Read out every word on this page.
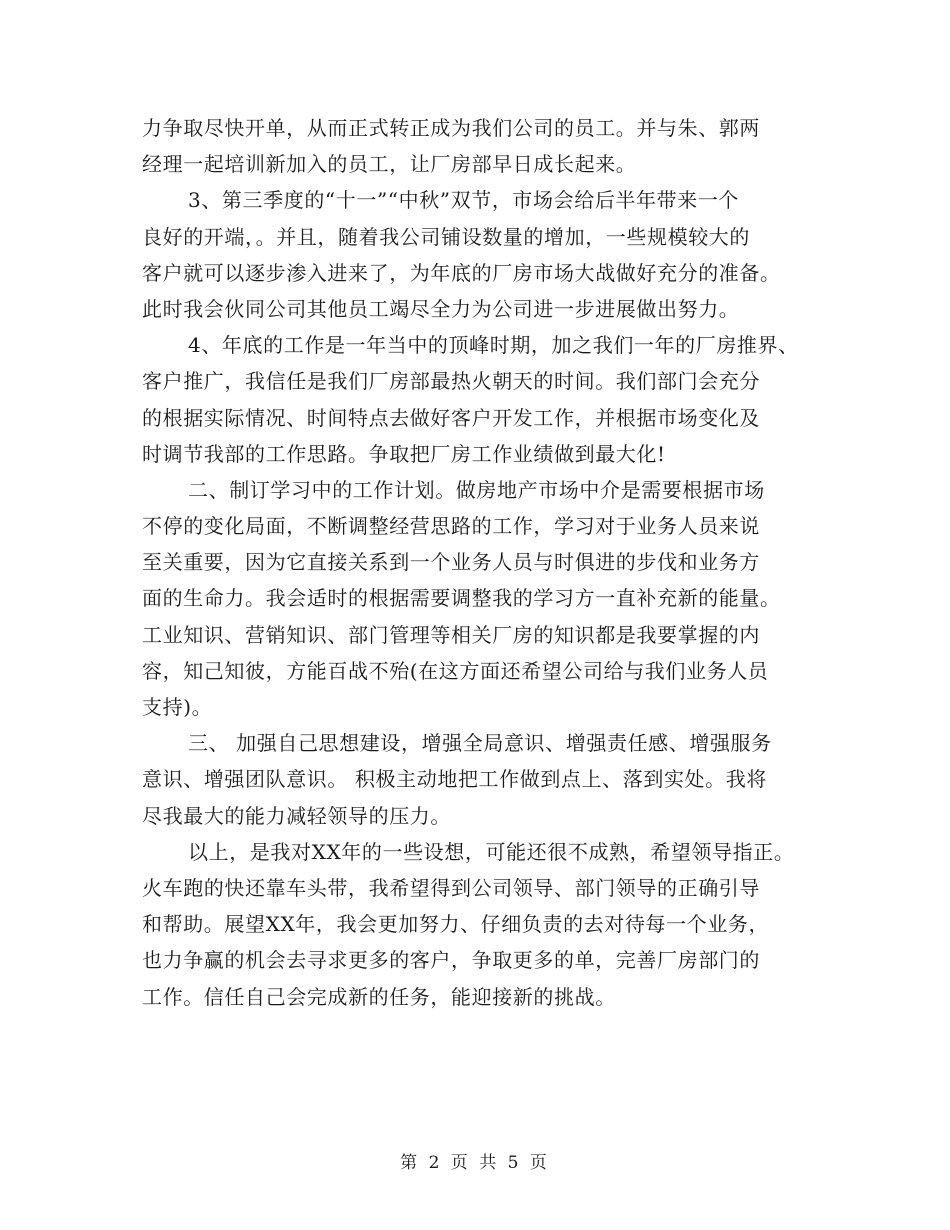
力争取尽快开单，从而正式转正成为我们公司的员工。并与朱、郭两
经理一起培训新加入的员工，让厂房部早日成长起来。
3、第三季度的“十一”“中秋”双节，市场会给后半年带来一个
良好的开端，。并且，随着我公司铺设数量的增加，一些规模较大的
客户就可以逐步渗入进来了，为年底的厂房市场大战做好充分的准备。
此时我会伙同公司其他员工竭尽全力为公司进一步进展做出努力。
4、年底的工作是一年当中的顶峰时期，加之我们一年的厂房推界、
客户推广，我信任是我们厂房部最热火朝天的时间。我们部门会充分
的根据实际情况、时间特点去做好客户开发工作，并根据市场变化及
时调节我部的工作思路。争取把厂房工作业绩做到最大化!
二、制订学习中的工作计划。做房地产市场中介是需要根据市场
不停的变化局面，不断调整经营思路的工作，学习对于业务人员来说
至关重要，因为它直接关系到一个业务人员与时俱进的步伐和业务方
面的生命力。我会适时的根据需要调整我的学习方一直补充新的能量。
工业知识、营销知识、部门管理等相关厂房的知识都是我要掌握的内
容，知己知彼，方能百战不殆(在这方面还希望公司给与我们业务人员
支持)。
三、 加强自己思想建设，增强全局意识、增强责任感、增强服务
意识、增强团队意识。 积极主动地把工作做到点上、落到实处。我将
尽我最大的能力减轻领导的压力。
以上，是我对XX年的一些设想，可能还很不成熟，希望领导指正。
火车跑的快还靠车头带，我希望得到公司领导、部门领导的正确引导
和帮助。展望XX年，我会更加努力、仔细负责的去对待每一个业务，
也力争赢的机会去寻求更多的客户，争取更多的单，完善厂房部门的
工作。信任自己会完成新的任务，能迎接新的挑战。
第 2 页 共 5 页
